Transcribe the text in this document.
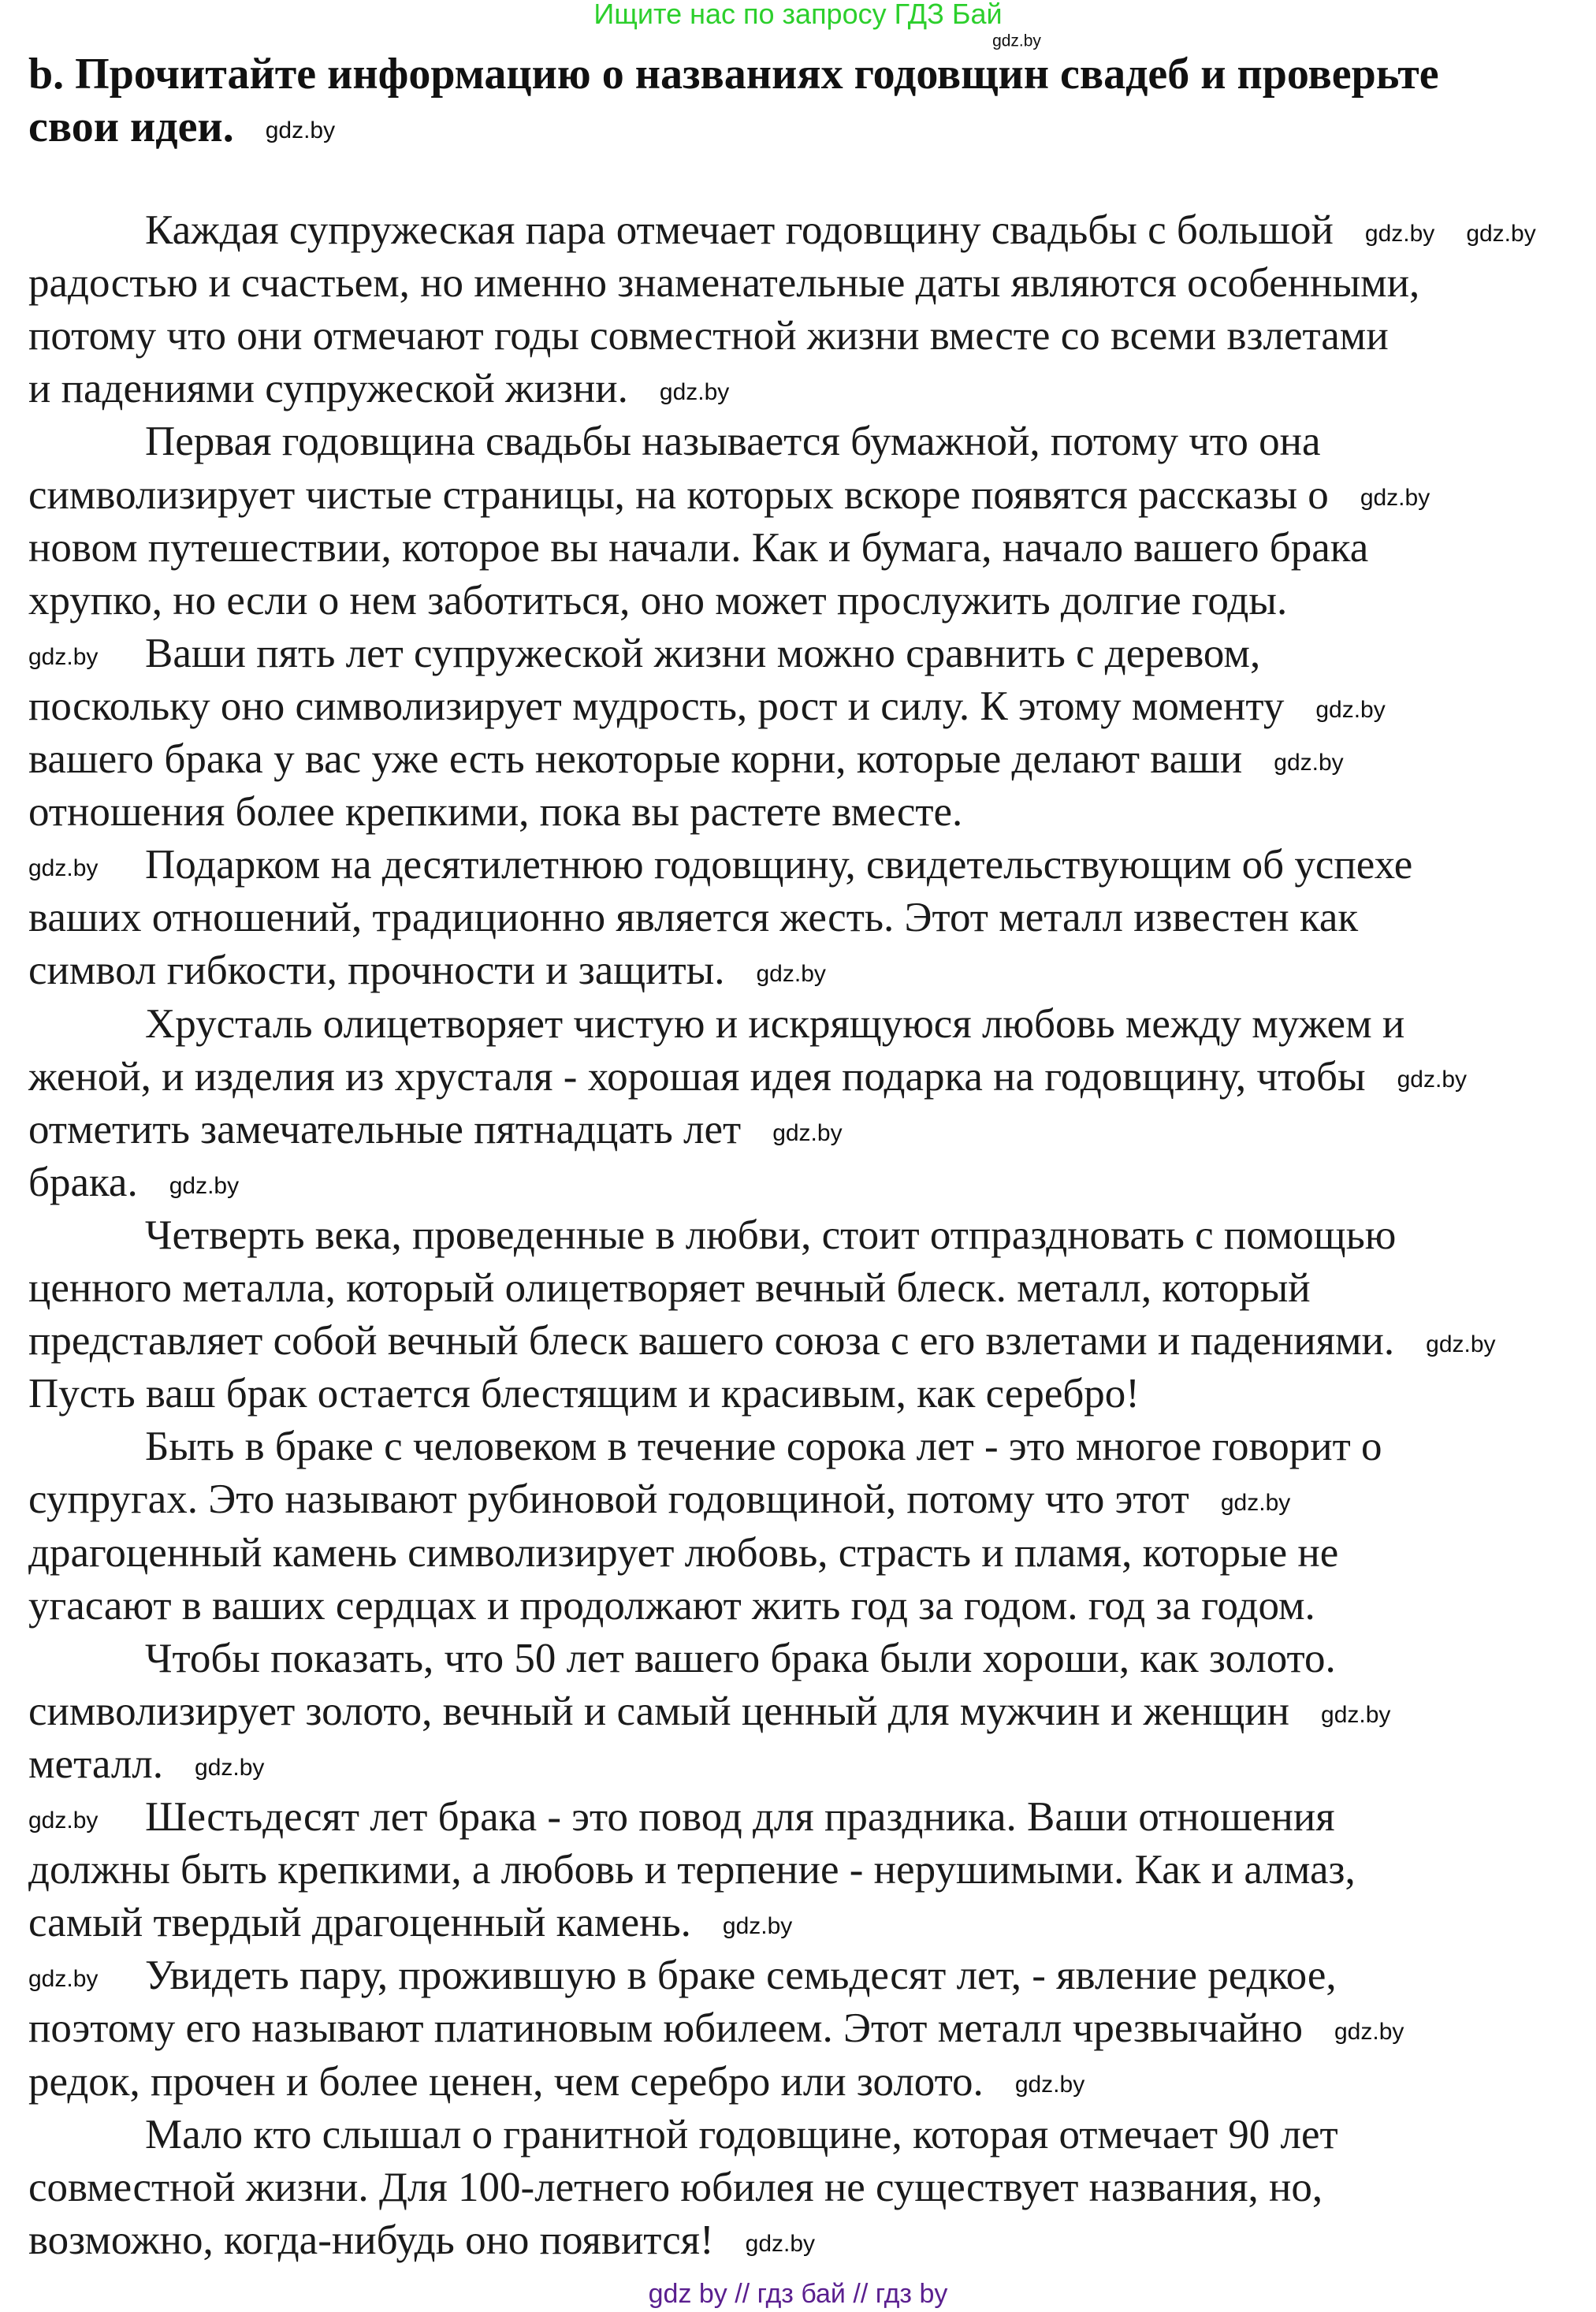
Ищите нас по запросу ГДЗ Бай
gdz.by
b. Прочитайте информацию о названиях годовщин свадеб и проверьте
свои идеи. gdz.by
Каждая супружеская пара отмечает годовщину свадьбы с большой gdz.by gdz.by
радостью и счастьем, но именно знаменательные даты являются особенными,
потому что они отмечают годы совместной жизни вместе со всеми взлетами
и падениями супружеской жизни. gdz.by
Первая годовщина свадьбы называется бумажной, потому что она
символизирует чистые страницы, на которых вскоре появятся рассказы о gdz.by
новом путешествии, которое вы начали. Как и бумага, начало вашего брака
хрупко, но если о нем заботиться, оно может прослужить долгие годы.
gdz.by Ваши пять лет супружеской жизни можно сравнить с деревом,
поскольку оно символизирует мудрость, рост и силу. К этому моменту gdz.by
вашего брака у вас уже есть некоторые корни, которые делают ваши gdz.by
отношения более крепкими, пока вы растете вместе.
gdz.by Подарком на десятилетнюю годовщину, свидетельствующим об успехе
ваших отношений, традиционно является жесть. Этот металл известен как
символ гибкости, прочности и защиты. gdz.by
Хрусталь олицетворяет чистую и искрящуюся любовь между мужем и
женой, и изделия из хрусталя - хорошая идея подарка на годовщину, чтобы gdz.by
отметить замечательные пятнадцать лет gdz.by
брака. gdz.by
Четверть века, проведенные в любви, стоит отпраздновать с помощью
ценного металла, который олицетворяет вечный блеск. металл, который
представляет собой вечный блеск вашего союза с его взлетами и падениями. gdz.by
Пусть ваш брак остается блестящим и красивым, как серебро!
Быть в браке с человеком в течение сорока лет - это многое говорит о
супругах. Это называют рубиновой годовщиной, потому что этот gdz.by
драгоценный камень символизирует любовь, страсть и пламя, которые не
угасают в ваших сердцах и продолжают жить год за годом. год за годом.
Чтобы показать, что 50 лет вашего брака были хороши, как золото.
символизирует золото, вечный и самый ценный для мужчин и женщин gdz.by
металл. gdz.by
gdz.by Шестьдесят лет брака - это повод для праздника. Ваши отношения
должны быть крепкими, а любовь и терпение - нерушимыми. Как и алмаз,
самый твердый драгоценный камень. gdz.by
gdz.by Увидеть пару, прожившую в браке семьдесят лет, - явление редкое,
поэтому его называют платиновым юбилеем. Этот металл чрезвычайно gdz.by
редок, прочен и более ценен, чем серебро или золото. gdz.by
Мало кто слышал о гранитной годовщине, которая отмечает 90 лет
совместной жизни. Для 100-летнего юбилея не существует названия, но,
возможно, когда-нибудь оно появится! gdz.by
gdz by // гдз бай // гдз by
